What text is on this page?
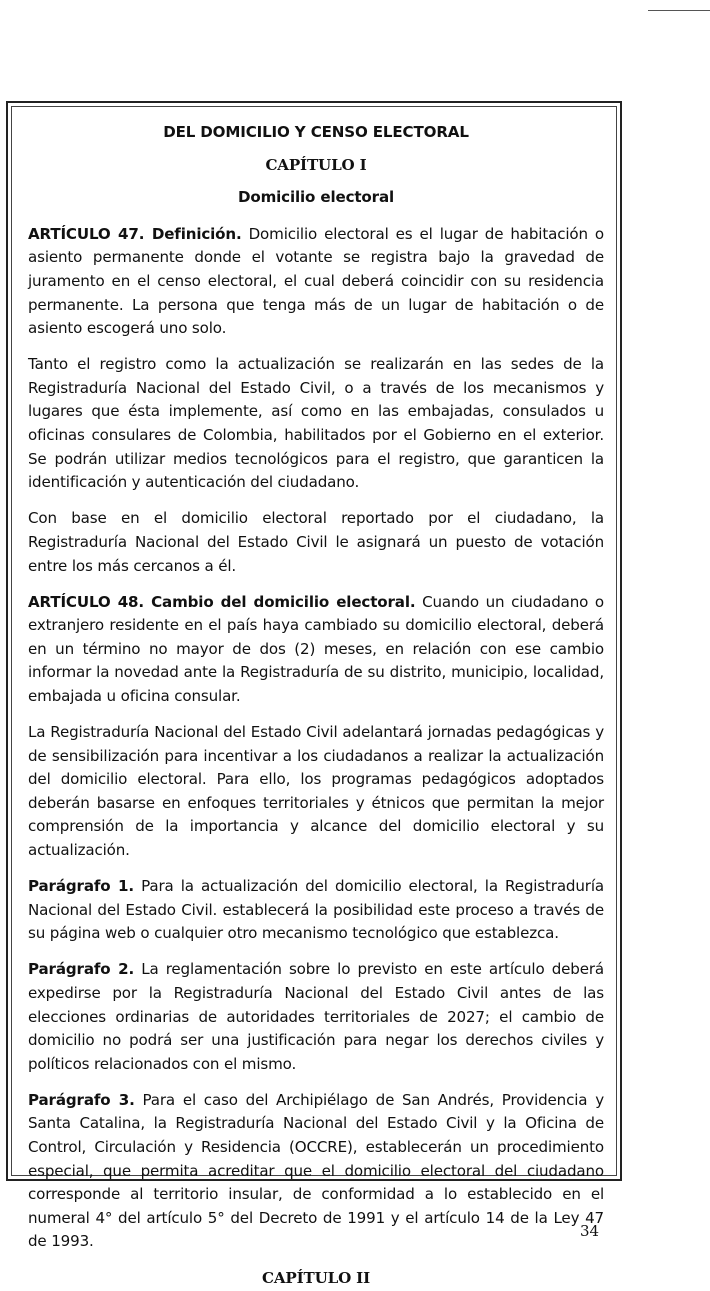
DEL DOMICILIO Y CENSO ELECTORAL
CAPÍTULO I
Domicilio electoral

ARTÍCULO 47. Definición. Domicilio electoral es el lugar de habitación o asiento permanente donde el votante se registra bajo la gravedad de juramento en el censo electoral, el cual deberá coincidir con su residencia permanente. La persona que tenga más de un lugar de habitación o de asiento escogerá uno solo.

Tanto el registro como la actualización se realizarán en las sedes de la Registraduría Nacional del Estado Civil, o a través de los mecanismos y lugares que ésta implemente, así como en las embajadas, consulados u oficinas consulares de Colombia, habilitados por el Gobierno en el exterior. Se podrán utilizar medios tecnológicos para el registro, que garanticen la identificación y autenticación del ciudadano.

Con base en el domicilio electoral reportado por el ciudadano, la Registraduría Nacional del Estado Civil le asignará un puesto de votación entre los más cercanos a él.

ARTÍCULO 48. Cambio del domicilio electoral. Cuando un ciudadano o extranjero residente en el país haya cambiado su domicilio electoral, deberá en un término no mayor de dos (2) meses, en relación con ese cambio informar la novedad ante la Registraduría de su distrito, municipio, localidad, embajada u oficina consular.

La Registraduría Nacional del Estado Civil adelantará jornadas pedagógicas y de sensibilización para incentivar a los ciudadanos a realizar la actualización del domicilio electoral. Para ello, los programas pedagógicos adoptados deberán basarse en enfoques territoriales y étnicos que permitan la mejor comprensión de la importancia y alcance del domicilio electoral y su actualización.

Parágrafo 1. Para la actualización del domicilio electoral, la Registraduría Nacional del Estado Civil. establecerá la posibilidad este proceso a través de su página web o cualquier otro mecanismo tecnológico que establezca.

Parágrafo 2. La reglamentación sobre lo previsto en este artículo deberá expedirse por la Registraduría Nacional del Estado Civil antes de las elecciones ordinarias de autoridades territoriales de 2027; el cambio de domicilio no podrá ser una justificación para negar los derechos civiles y políticos relacionados con el mismo.

Parágrafo 3. Para el caso del Archipiélago de San Andrés, Providencia y Santa Catalina, la Registraduría Nacional del Estado Civil y la Oficina de Control, Circulación y Residencia (OCCRE), establecerán un procedimiento especial, que permita acreditar que el domicilio electoral del ciudadano corresponde al territorio insular, de conformidad a lo establecido en el numeral 4° del artículo 5° del Decreto de 1991 y el artículo 14 de la Ley 47 de 1993.

CAPÍTULO II
34
